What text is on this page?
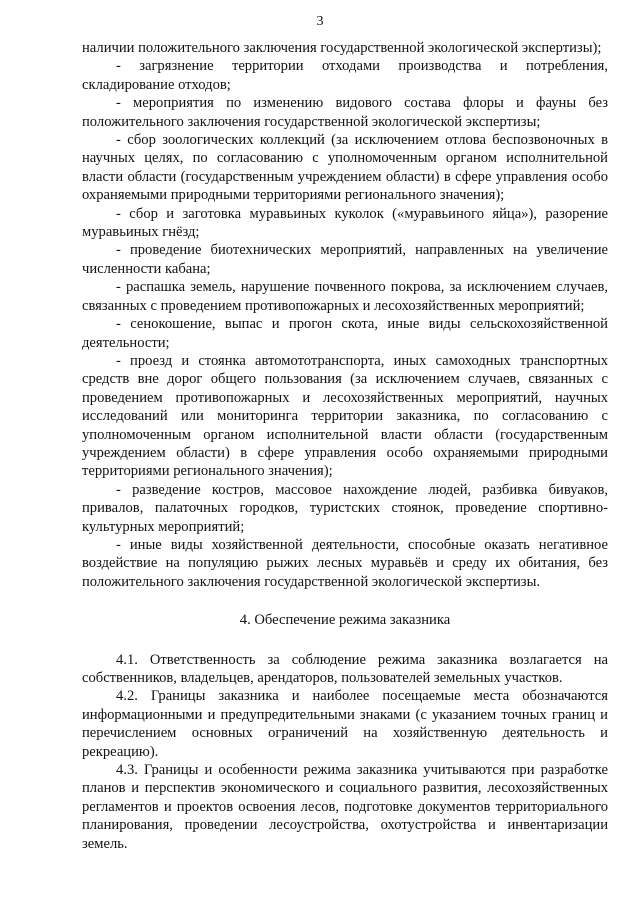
3

наличии положительного заключения государственной экологической экспертизы);

- загрязнение территории отходами производства и потребления, складирование отходов;

- мероприятия по изменению видового состава флоры и фауны без положительного заключения государственной экологической экспертизы;

- сбор зоологических коллекций (за исключением отлова беспозвоночных в научных целях, по согласованию с уполномоченным органом исполнительной власти области (государственным учреждением области) в сфере управления особо охраняемыми природными территориями регионального значения);

- сбор и заготовка муравьиных куколок («муравьиного яйца»), разорение муравьиных гнёзд;

- проведение биотехнических мероприятий, направленных на увеличение численности кабана;

- распашка земель, нарушение почвенного покрова, за исключением случаев, связанных с проведением противопожарных и лесохозяйственных мероприятий;

- сенокошение, выпас и прогон скота, иные виды сельскохозяйственной деятельности;

- проезд и стоянка автомототранспорта, иных самоходных транспортных средств вне дорог общего пользования (за исключением случаев, связанных с проведением противопожарных и лесохозяйственных мероприятий, научных исследований или мониторинга территории заказника, по согласованию с уполномоченным органом исполнительной власти области (государственным учреждением области) в сфере управления особо охраняемыми природными территориями регионального значения);

- разведение костров, массовое нахождение людей, разбивка бивуаков, привалов, палаточных городков, туристских стоянок, проведение спортивно-культурных мероприятий;

- иные виды хозяйственной деятельности, способные оказать негативное воздействие на популяцию рыжих лесных муравьёв и среду их обитания, без положительного заключения государственной экологической экспертизы.

4. Обеспечение режима заказника

4.1. Ответственность за соблюдение режима заказника возлагается на собственников, владельцев, арендаторов, пользователей земельных участков.

4.2. Границы заказника и наиболее посещаемые места обозначаются информационными и предупредительными знаками (с указанием точных границ и перечислением основных ограничений на хозяйственную деятельность и рекреацию).

4.3. Границы и особенности режима заказника учитываются при разработке планов и перспектив экономического и социального развития, лесохозяйственных регламентов и проектов освоения лесов, подготовке документов территориального планирования, проведении лесоустройства, охотустройства и инвентаризации земель.
